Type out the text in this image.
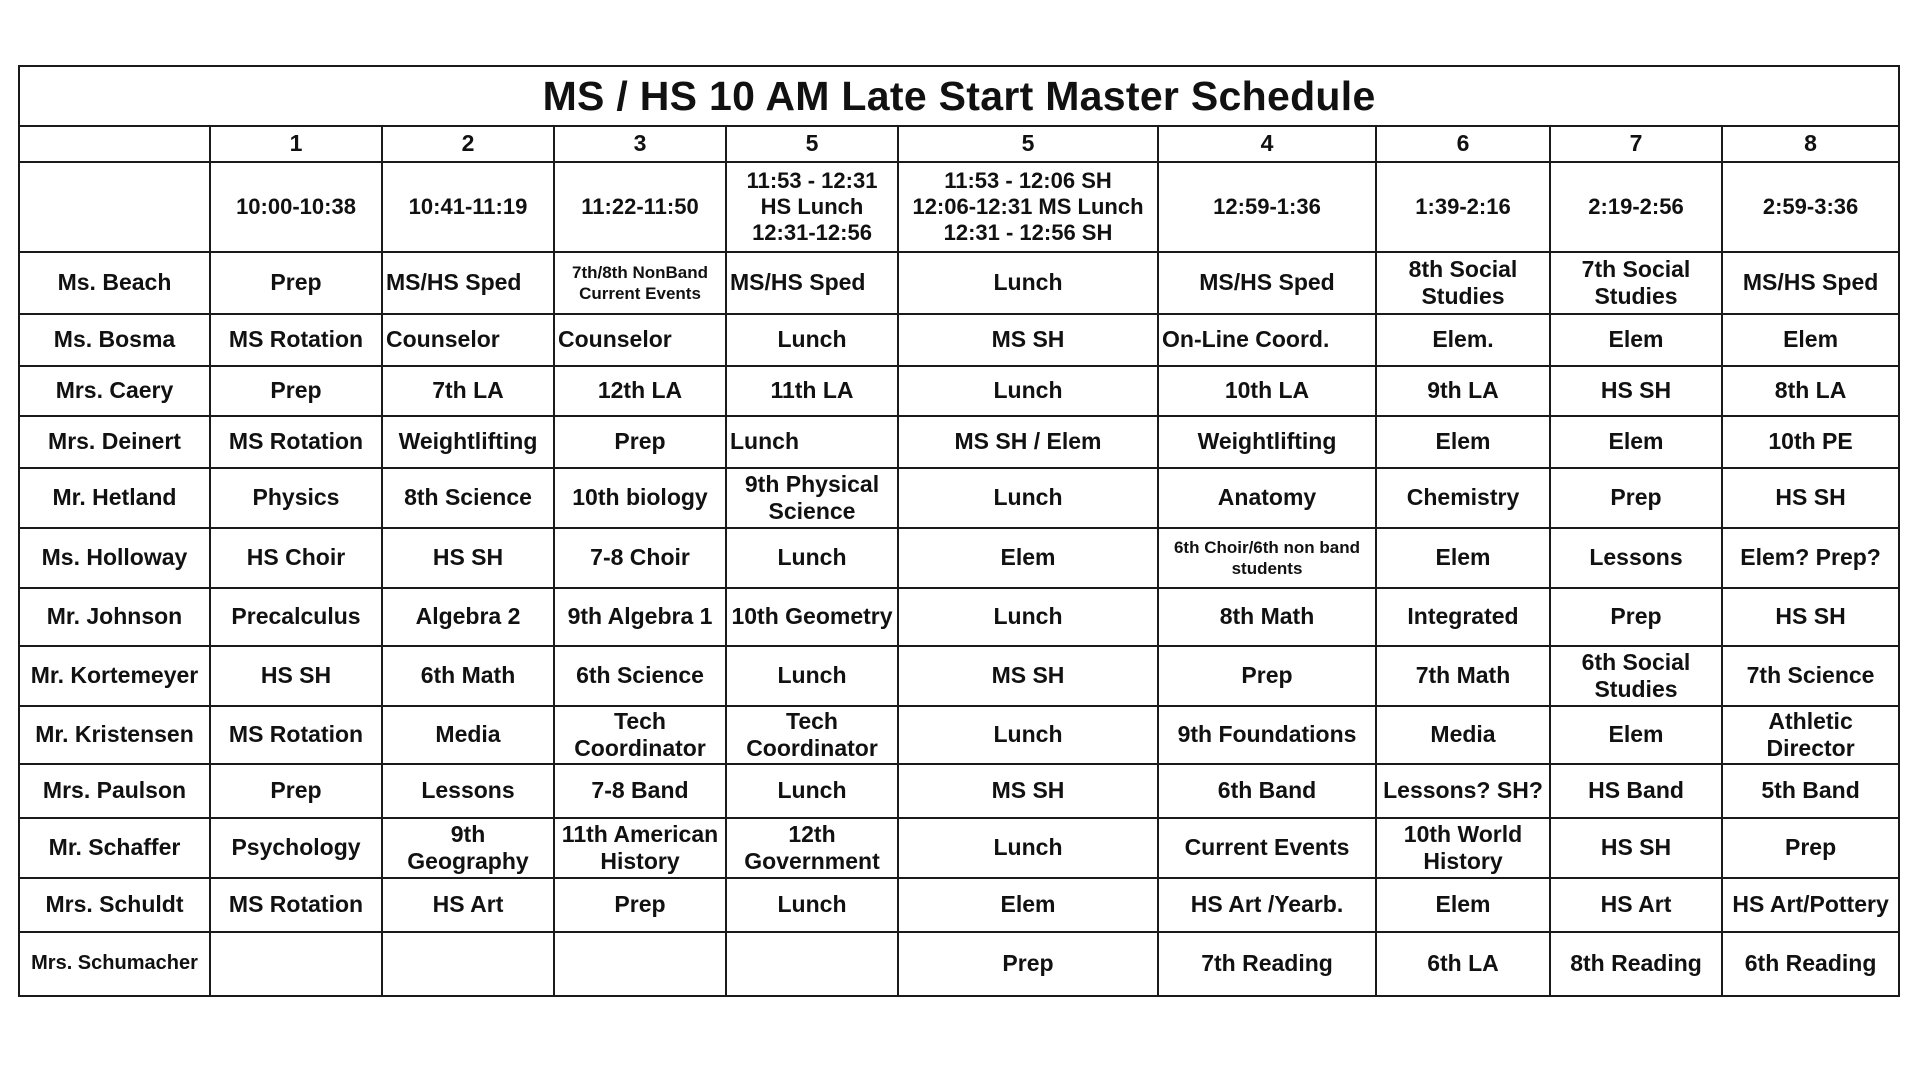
MS / HS 10 AM Late Start Master Schedule									
	1	2	3	5	5	4	6	7	8

	10:00-10:38	10:41-11:19	11:22-11:50	11:53 - 12:31
HS Lunch
12:31-12:56	11:53 - 12:06 SH
12:06-12:31 MS Lunch
12:31 - 12:56 SH	12:59-1:36	1:39-2:16	2:19-2:56	2:59-3:36

Ms. Beach	Prep	MS/HS Sped	7th/8th NonBand
Current Events	MS/HS Sped	Lunch	MS/HS Sped	8th Social
Studies	7th Social
Studies	MS/HS Sped

Ms. Bosma	MS Rotation	Counselor	Counselor	Lunch	MS SH	On-Line Coord.	Elem.	Elem	Elem

Mrs. Caery	Prep	7th LA	12th LA	11th LA	Lunch	10th LA	9th LA	HS SH	8th LA

Mrs. Deinert	MS Rotation	Weightlifting	Prep	Lunch	MS SH / Elem	Weightlifting	Elem	Elem	10th PE

Mr. Hetland	Physics	8th Science	10th biology	9th Physical
Science	Lunch	Anatomy	Chemistry	Prep	HS SH

Ms. Holloway	HS Choir	HS SH	7-8 Choir	Lunch	Elem	6th Choir/6th non band
students	Elem	Lessons	Elem? Prep?

Mr. Johnson	Precalculus	Algebra 2	9th Algebra 1	10th Geometry	Lunch	8th Math	Integrated	Prep	HS SH

Mr. Kortemeyer	HS SH	6th Math	6th Science	Lunch	MS SH	Prep	7th Math	6th Social
Studies	7th Science

Mr. Kristensen	MS Rotation	Media	Tech
Coordinator	Tech
Coordinator	Lunch	9th Foundations	Media	Elem	Athletic
Director

Mrs. Paulson	Prep	Lessons	7-8 Band	Lunch	MS SH	6th Band	Lessons? SH?	HS Band	5th Band

Mr. Schaffer	Psychology	9th
Geography	11th American
History	12th
Government	Lunch	Current Events	10th World
History	HS SH	Prep

Mrs. Schuldt	MS Rotation	HS Art	Prep	Lunch	Elem	HS Art /Yearb.	Elem	HS Art	HS Art/Pottery

Mrs. Schumacher					Prep	7th Reading	6th LA	8th Reading	6th Reading
